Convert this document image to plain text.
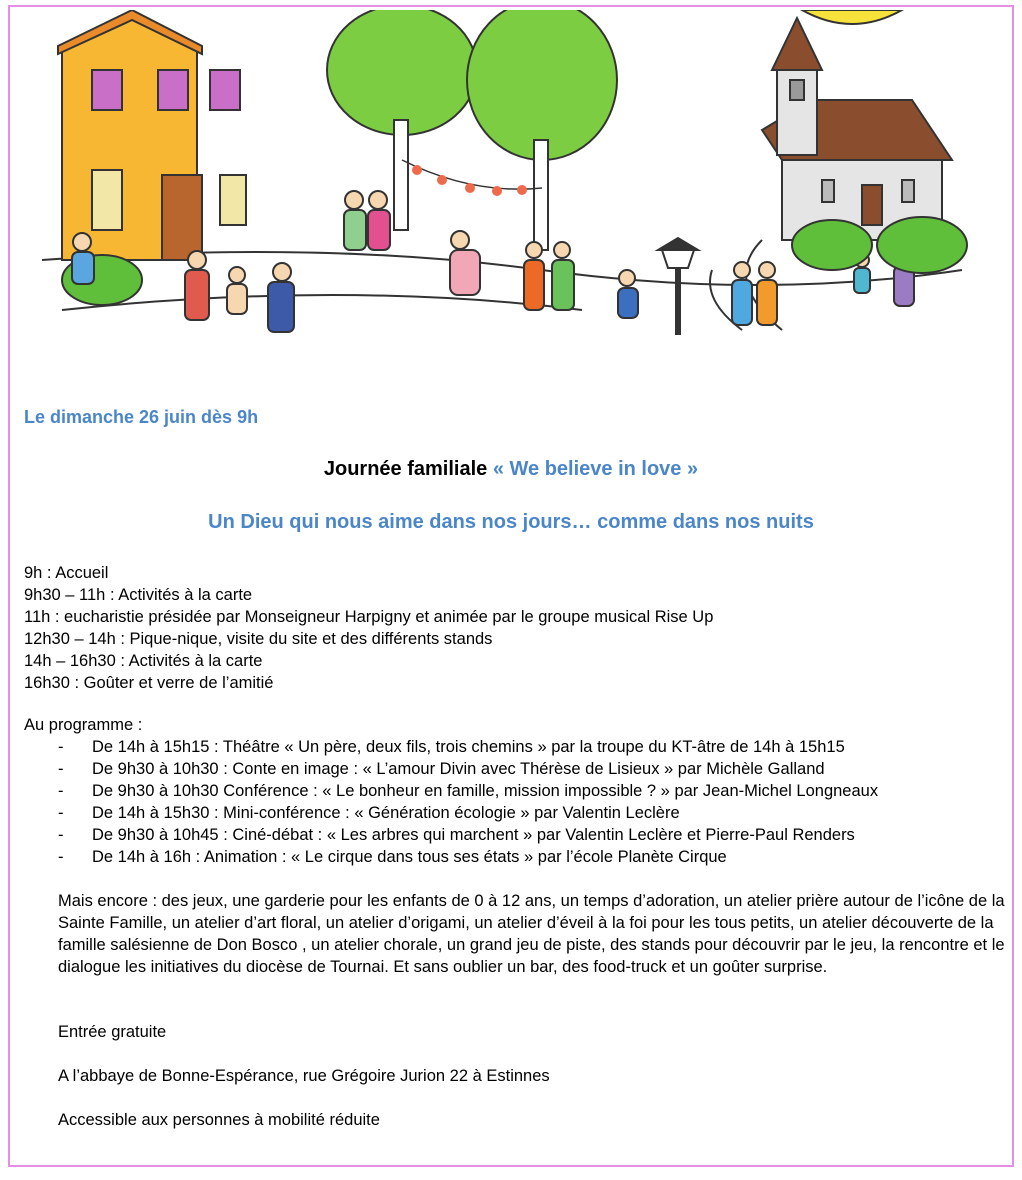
Le dimanche 26 juin dès 9h
Journée familiale « We believe in love »
Un Dieu qui nous aime dans nos jours… comme dans nos nuits
9h : Accueil
9h30 – 11h : Activités à la carte
11h : eucharistie présidée par Monseigneur Harpigny et animée par le groupe musical Rise Up
12h30 – 14h : Pique-nique, visite du site et des différents stands
14h – 16h30 : Activités à la carte
16h30 : Goûter et verre de l’amitié
Au programme :
- De 14h à 15h15 : Théâtre « Un père, deux fils, trois chemins » par la troupe du KT-âtre de 14h à 15h15
- De 9h30 à 10h30 : Conte en image : « L’amour Divin avec Thérèse de Lisieux » par Michèle Galland
- De 9h30 à 10h30 Conférence : « Le bonheur en famille, mission impossible ? » par Jean-Michel Longneaux
- De 14h à 15h30 : Mini-conférence : « Génération écologie » par Valentin Leclère
- De 9h30 à 10h45 : Ciné-débat : « Les arbres qui marchent » par Valentin Leclère et Pierre-Paul Renders
- De 14h à 16h : Animation : « Le cirque dans tous ses états » par l’école Planète Cirque
Mais encore : des jeux, une garderie pour les enfants de 0 à 12 ans, un temps d’adoration, un atelier prière autour de l’icône de la Sainte Famille, un atelier d’art floral, un atelier d’origami, un atelier d’éveil à la foi pour les tous petits, un atelier découverte de la famille salésienne de Don Bosco , un atelier chorale, un grand jeu de piste, des stands pour découvrir par le jeu, la rencontre et le dialogue les initiatives du diocèse de Tournai. Et sans oublier un bar, des food-truck et un goûter surprise.
Entrée gratuite
A l’abbaye de Bonne-Espérance, rue Grégoire Jurion 22 à Estinnes
Accessible aux personnes à mobilité réduite
